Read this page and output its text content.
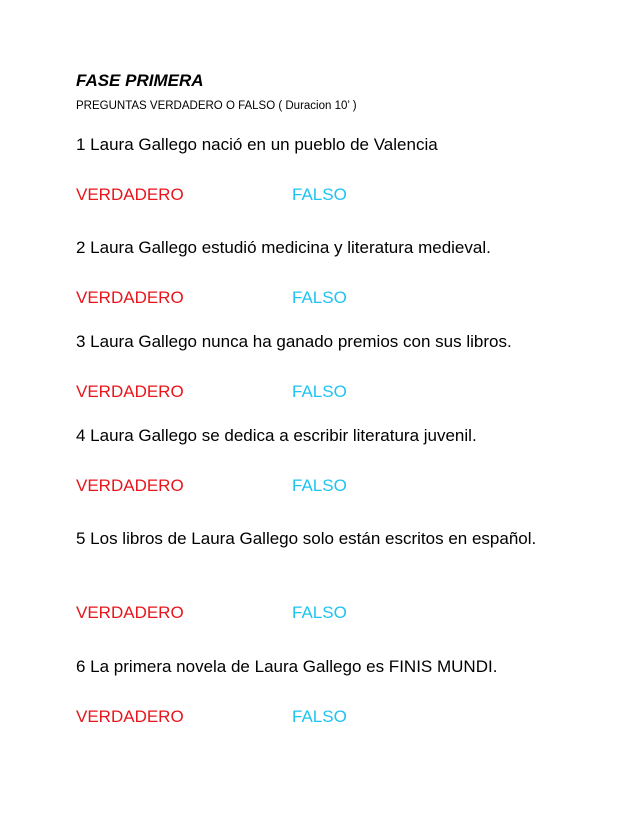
FASE PRIMERA
PREGUNTAS VERDADERO O FALSO ( Duracion 10’ )
1 Laura Gallego nació en un pueblo de Valencia
VERDADERO	FALSO
2 Laura Gallego estudió medicina y literatura medieval.
VERDADERO	FALSO
3 Laura Gallego nunca ha ganado premios con sus libros.
VERDADERO	FALSO
4 Laura Gallego se dedica a escribir literatura juvenil.
VERDADERO	FALSO
5 Los libros de Laura Gallego solo están escritos en español.
VERDADERO	FALSO
6 La primera novela de Laura Gallego es FINIS MUNDI.
VERDADERO	FALSO
